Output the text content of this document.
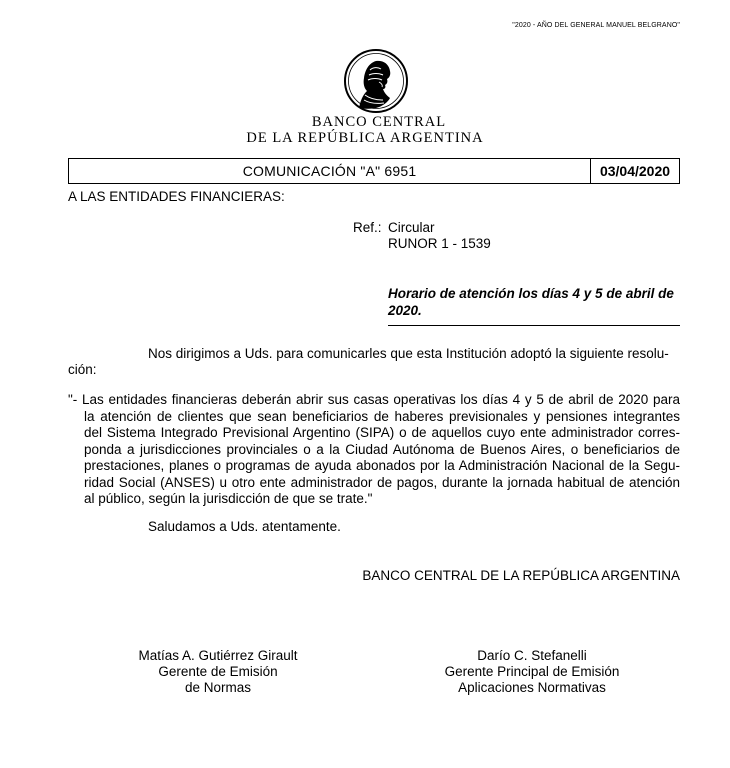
"2020 - AÑO DEL GENERAL MANUEL BELGRANO"
BANCO CENTRAL
DE LA REPÚBLICA ARGENTINA
COMUNICACIÓN "A" 6951	03/04/2020
A LAS ENTIDADES FINANCIERAS:
Ref.: Circular
RUNOR 1 - 1539
Horario de atención los días 4 y 5 de abril de
2020.
Nos dirigimos a Uds. para comunicarles que esta Institución adoptó la siguiente resolu-
ción:
"- Las entidades financieras deberán abrir sus casas operativas los días 4 y 5 de abril de 2020 para
la atención de clientes que sean beneficiarios de haberes previsionales y pensiones integrantes
del Sistema Integrado Previsional Argentino (SIPA) o de aquellos cuyo ente administrador corres-
ponda a jurisdicciones provinciales o a la Ciudad Autónoma de Buenos Aires, o beneficiarios de
prestaciones, planes o programas de ayuda abonados por la Administración Nacional de la Segu-
ridad Social (ANSES) u otro ente administrador de pagos, durante la jornada habitual de atención
al público, según la jurisdicción de que se trate."
Saludamos a Uds. atentamente.
BANCO CENTRAL DE LA REPÚBLICA ARGENTINA
Matías A. Gutiérrez Girault
Gerente de Emisión
de Normas
Darío C. Stefanelli
Gerente Principal de Emisión
Aplicaciones Normativas
